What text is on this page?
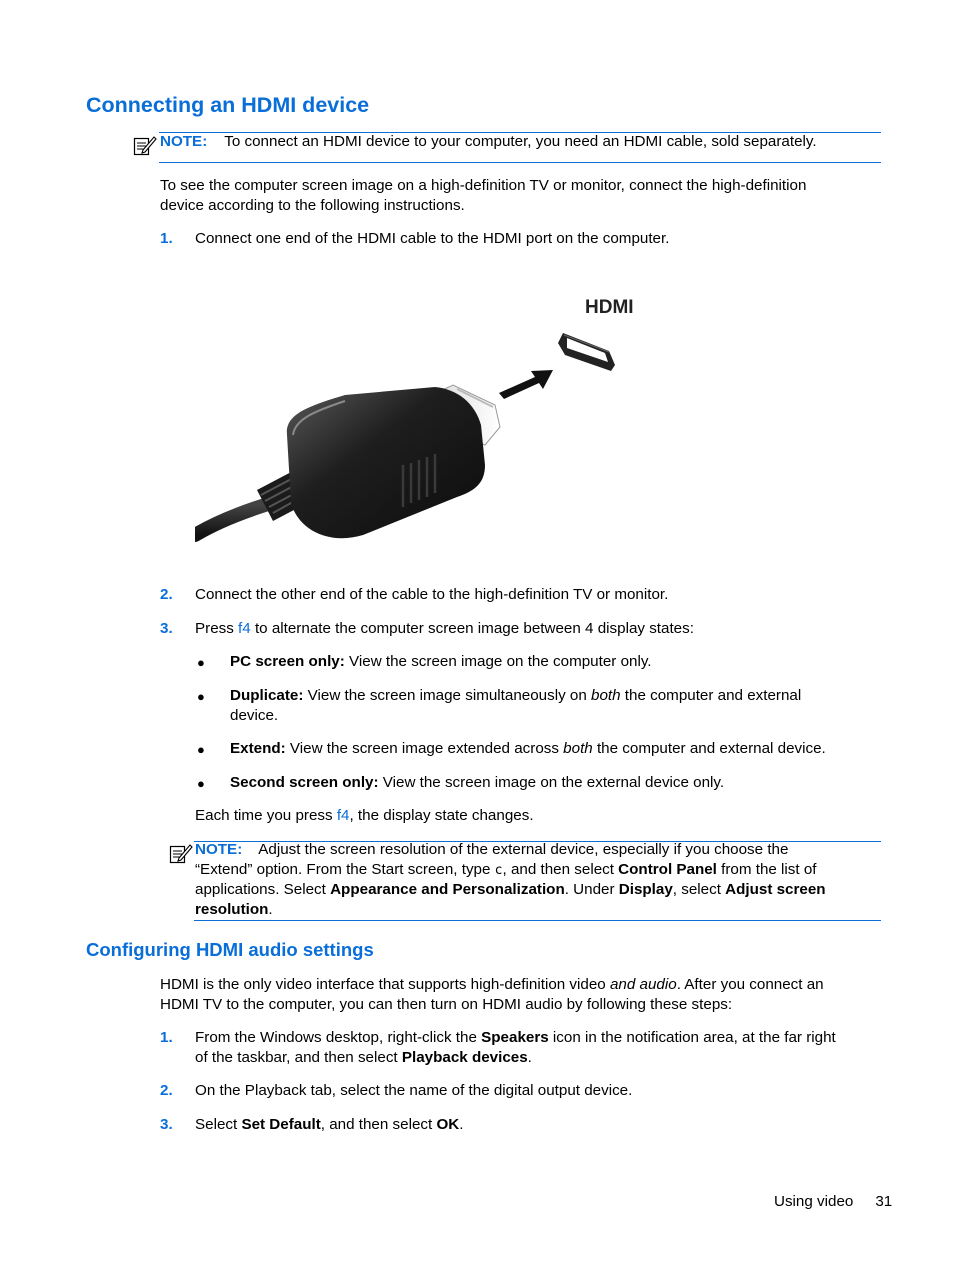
Connecting an HDMI device
NOTE: To connect an HDMI device to your computer, you need an HDMI cable, sold separately.
To see the computer screen image on a high-definition TV or monitor, connect the high-definition
device according to the following instructions.
1. Connect one end of the HDMI cable to the HDMI port on the computer.
HDMI
2. Connect the other end of the cable to the high-definition TV or monitor.
3. Press f4 to alternate the computer screen image between 4 display states:
● PC screen only: View the screen image on the computer only.
● Duplicate: View the screen image simultaneously on both the computer and external
device.
● Extend: View the screen image extended across both the computer and external device.
● Second screen only: View the screen image on the external device only.
Each time you press f4, the display state changes.
NOTE: Adjust the screen resolution of the external device, especially if you choose the
“Extend” option. From the Start screen, type c, and then select Control Panel from the list of
applications. Select Appearance and Personalization. Under Display, select Adjust screen
resolution.
Configuring HDMI audio settings
HDMI is the only video interface that supports high-definition video and audio. After you connect an
HDMI TV to the computer, you can then turn on HDMI audio by following these steps:
1. From the Windows desktop, right-click the Speakers icon in the notification area, at the far right
of the taskbar, and then select Playback devices.
2. On the Playback tab, select the name of the digital output device.
3. Select Set Default, and then select OK.
Using video 31
